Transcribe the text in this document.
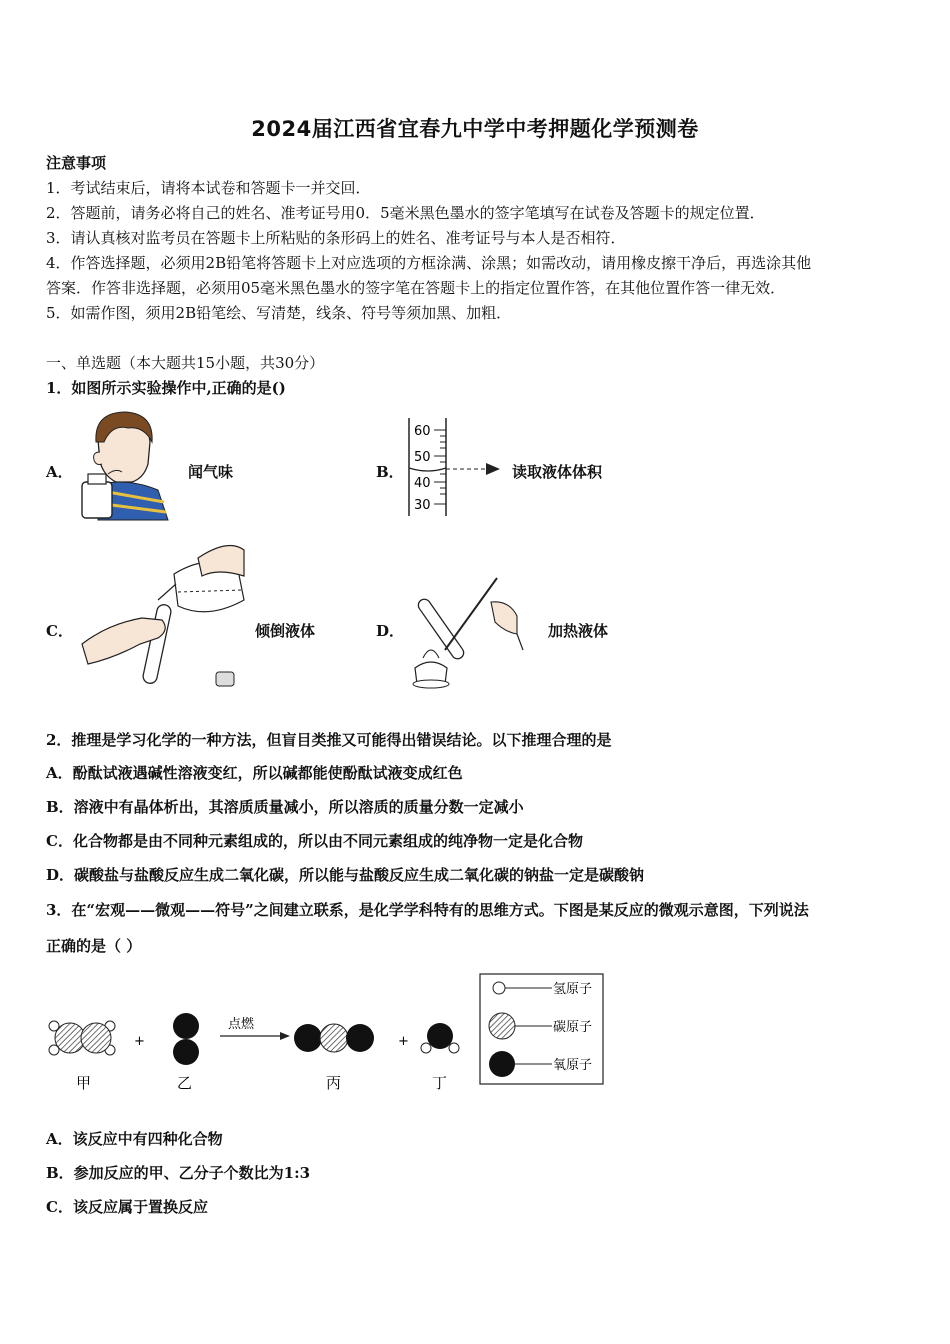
2024届江西省宜春九中学中考押题化学预测卷
注意事项
1．考试结束后，请将本试卷和答题卡一并交回．
2．答题前，请务必将自己的姓名、准考证号用0．5毫米黑色墨水的签字笔填写在试卷及答题卡的规定位置．
3．请认真核对监考员在答题卡上所粘贴的条形码上的姓名、准考证号与本人是否相符．
4．作答选择题，必须用2B铅笔将答题卡上对应选项的方框涂满、涂黑；如需改动，请用橡皮擦干净后，再选涂其他
答案．作答非选择题，必须用05毫米黑色墨水的签字笔在答题卡上的指定位置作答，在其他位置作答一律无效．
5．如需作图，须用2B铅笔绘、写清楚，线条、符号等须加黑、加粗．
一、单选题（本大题共15小题，共30分）
1．如图所示实验操作中,正确的是()
A．	闻气味	B．
60
50
40
30
读取液体体积
C．	倾倒液体	D．	加热液体
2．推理是学习化学的一种方法，但盲目类推又可能得出错误结论。以下推理合理的是
A．酚酞试液遇碱性溶液变红，所以碱都能使酚酞试液变成红色
B．溶液中有晶体析出，其溶质质量减小，所以溶质的质量分数一定减小
C．化合物都是由不同种元素组成的，所以由不同元素组成的纯净物一定是化合物
D．碳酸盐与盐酸反应生成二氧化碳，所以能与盐酸反应生成二氧化碳的钠盐一定是碳酸钠
3．在“宏观——微观——符号”之间建立联系，是化学学科特有的思维方式。下图是某反应的微观示意图，下列说法
正确的是（ ）
+
点燃
+
甲	乙	丙	丁
氢原子
碳原子
氧原子
A．该反应中有四种化合物
B．参加反应的甲、乙分子个数比为1:3
C．该反应属于置换反应
